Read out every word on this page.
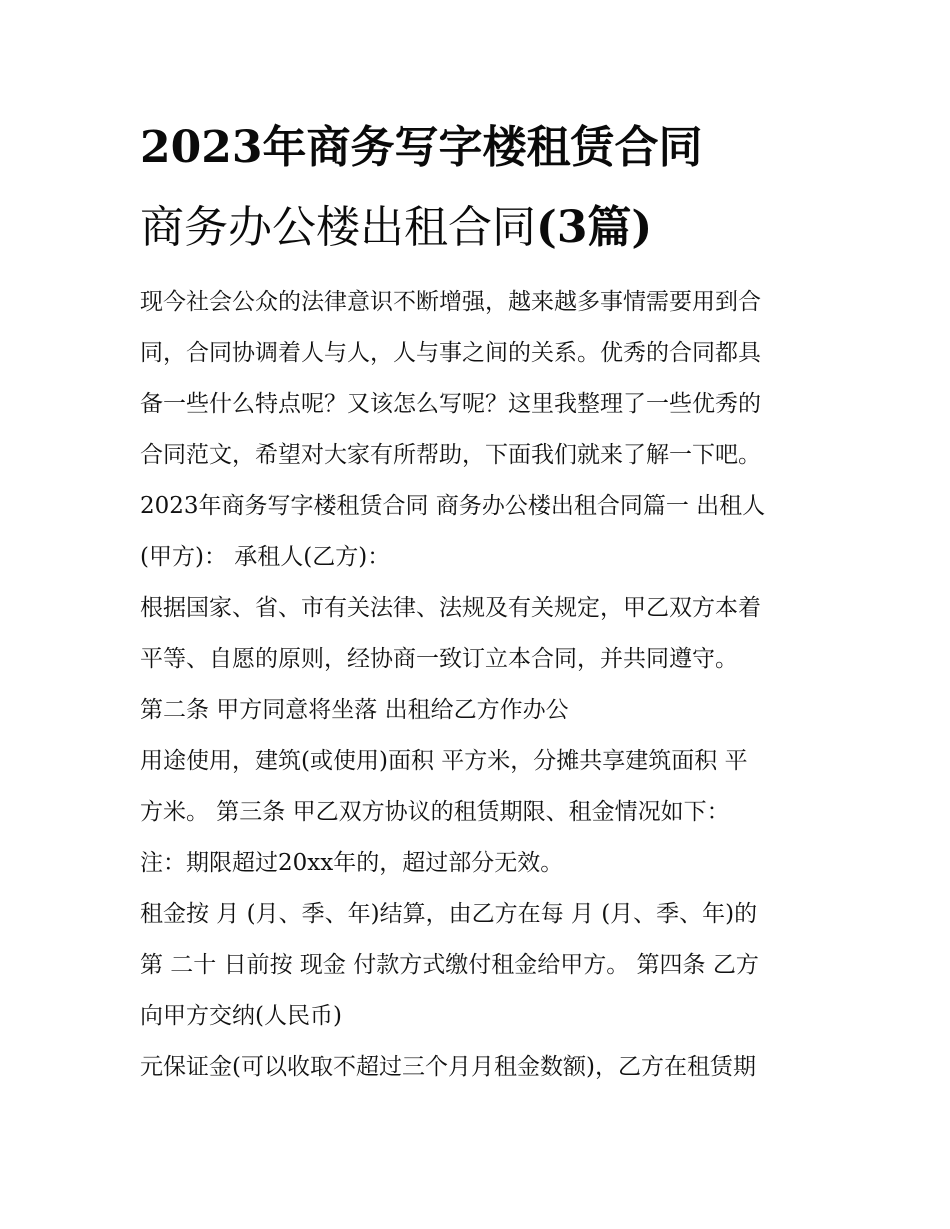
2023年商务写字楼租赁合同
商务办公楼出租合同(3篇)
现今社会公众的法律意识不断增强，越来越多事情需要用到合
同，合同协调着人与人，人与事之间的关系。优秀的合同都具
备一些什么特点呢？又该怎么写呢？这里我整理了一些优秀的
合同范文，希望对大家有所帮助，下面我们就来了解一下吧。
2023年商务写字楼租赁合同 商务办公楼出租合同篇一 出租人
(甲方)： 承租人(乙方)：
根据国家、省、市有关法律、法规及有关规定，甲乙双方本着
平等、自愿的原则，经协商一致订立本合同，并共同遵守。
第二条 甲方同意将坐落 出租给乙方作办公
用途使用，建筑(或使用)面积 平方米，分摊共享建筑面积 平
方米。 第三条 甲乙双方协议的租赁期限、租金情况如下：
注：期限超过20xx年的，超过部分无效。
租金按 月 (月、季、年)结算，由乙方在每 月 (月、季、年)的
第 二十 日前按 现金 付款方式缴付租金给甲方。 第四条 乙方
向甲方交纳(人民币)
元保证金(可以收取不超过三个月月租金数额)，乙方在租赁期
